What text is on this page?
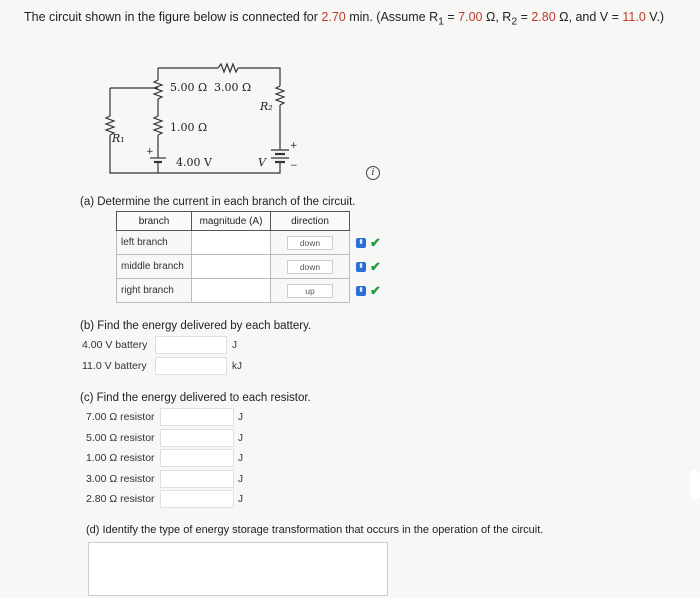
The circuit shown in the figure below is connected for 2.70 min. (Assume $R_1 = 7.00$ Ω, $R_2 = 2.80$ Ω, and V = 11.0 V.)
5.00 Ω 3.00 Ω
R₂
R₁
1.00 Ω
4.00 V	V
+
+
−
i
(a) Determine the current in each branch of the circuit.
branch	magnitude (A)	direction	
left branch		down	⬍ ✔
middle branch		down	⬍ ✔
right branch		up	⬍ ✔
(b) Find the energy delivered by each battery.
4.00 V battery	J
11.0 V battery	kJ
(c) Find the energy delivered to each resistor.
7.00 Ω resistor	J
5.00 Ω resistor	J
1.00 Ω resistor	J
3.00 Ω resistor	J
2.80 Ω resistor	J
(d) Identify the type of energy storage transformation that occurs in the operation of the circuit.
